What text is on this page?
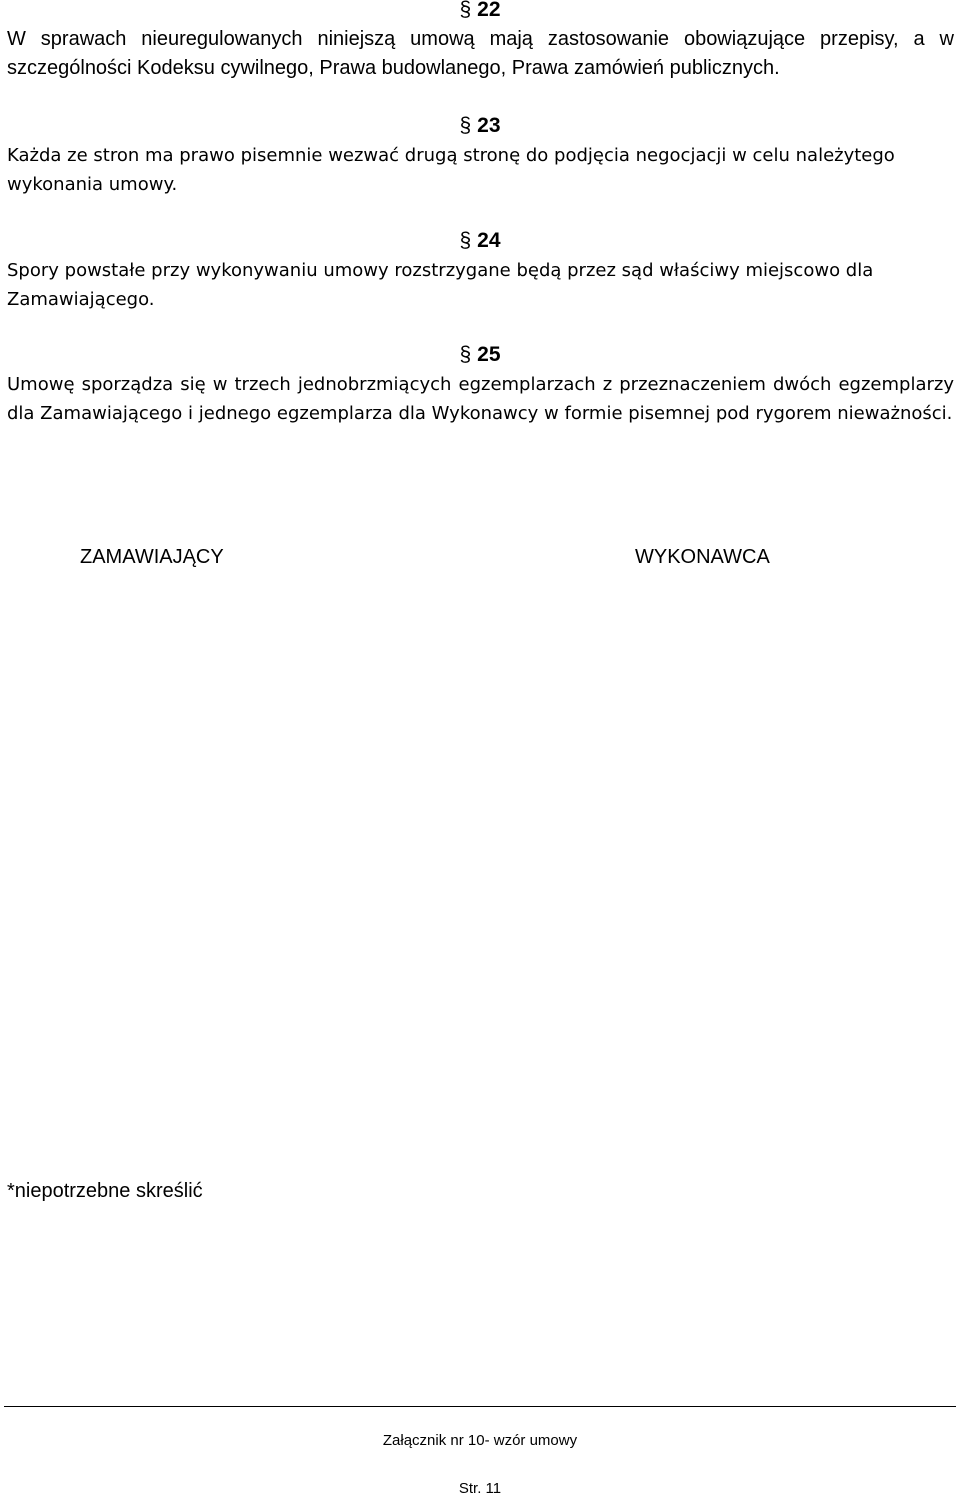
§ 22

W sprawach nieuregulowanych niniejszą umową mają zastosowanie obowiązujące przepisy, a w szczególności Kodeksu cywilnego, Prawa budowlanego, Prawa zamówień publicznych.

§ 23

Każda ze stron ma prawo pisemnie wezwać drugą stronę do podjęcia negocjacji w celu należytego wykonania umowy.

§ 24

Spory powstałe przy wykonywaniu umowy rozstrzygane będą przez sąd właściwy miejscowo dla Zamawiającego.

§ 25

Umowę sporządza się w trzech jednobrzmiących egzemplarzach z przeznaczeniem dwóch egzemplarzy dla Zamawiającego i jednego egzemplarza dla Wykonawcy w formie pisemnej pod rygorem nieważności.

ZAMAWIAJĄCY	WYKONAWCA
*niepotrzebne skreślić
Załącznik nr 10- wzór umowy
Str. 11
